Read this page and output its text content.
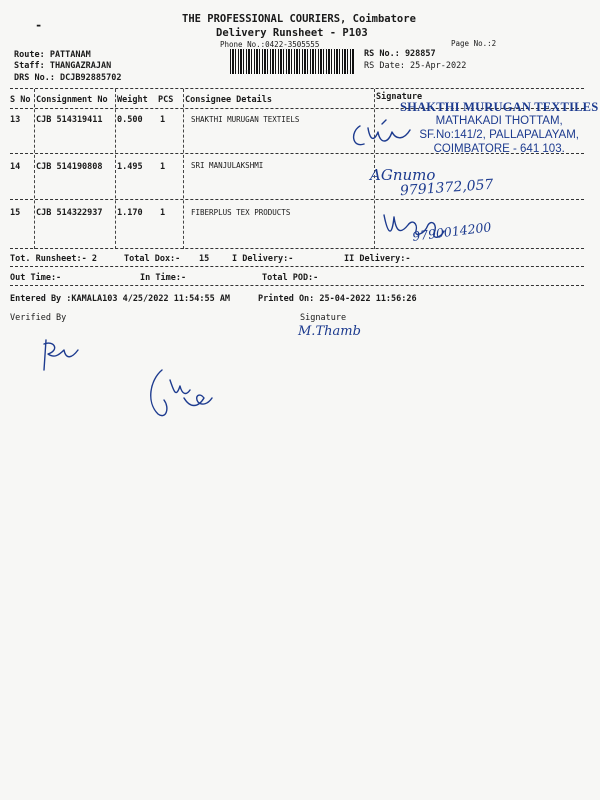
-	THE PROFESSIONAL COURIERS, Coimbatore
Delivery Runsheet - P103
Phone No.:0422-3505555	Page No.:2
Route: PATTANAM
Staff: THANGAZRAJAN
DRS No.: DCJB92885702
RS No.: 928857
RS Date: 25-Apr-2022
S No Consignment No Weight PCS Consignee Details	Signature
13 CJB 514319411 0.500 1	SHAKTHI MURUGAN TEXTIELS
14 CJB 514190808 1.495 1	SRI MANJULAKSHMI
15 CJB 514322937 1.170 1	FIBERPLUS TEX PRODUCTS
SHAKTHI MURUGAN TEXTILES
MATHAKADI THOTTAM,
SF.No:141/2, PALLAPALAYAM,
COIMBATORE - 641 103.
AGnumo
9791372,057
9790014200
Tot. Runsheet:- 2	Total Dox:- 15	I Delivery:-	II Delivery:-
Out Time:-	In Time:-	Total POD:-
Entered By :KAMALA103 4/25/2022 11:54:55 AM	Printed On: 25-04-2022 11:56:26
Verified By	Signature
M.Thamb
